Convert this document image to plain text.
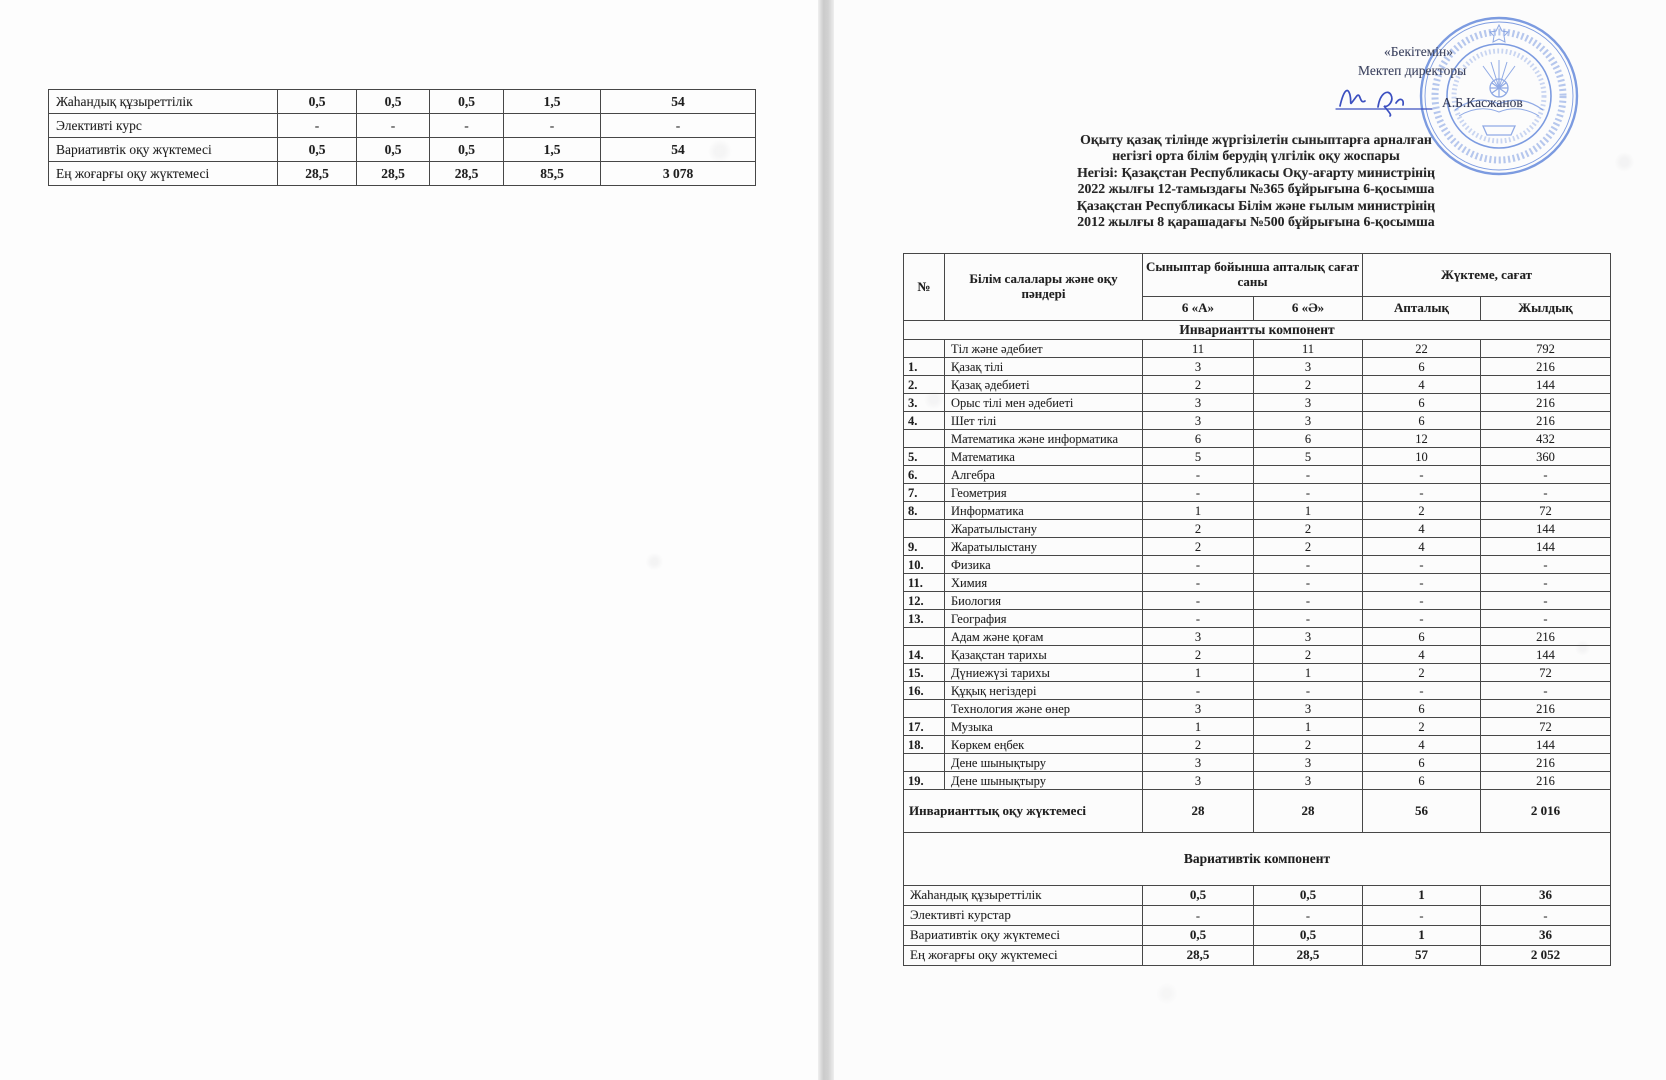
Жаһандық құзыреттілік	0,5	0,5	0,5	1,5	54
Элективті курс	-	-	-	-	-
Вариативтік оқу жүктемесі	0,5	0,5	0,5	1,5	54
Ең жоғарғы оқу жүктемесі	28,5	28,5	28,5	85,5	3 078
«Бекітемін»
Мектеп директоры
А.Б.Касжанов
Оқыту қазақ тілінде жүргізілетін сыныптарға арналған
негізгі орта білім берудің үлгілік оқу жоспары
Негізі: Қазақстан Республикасы Оқу-ағарту министрінің
2022 жылғы 12-тамыздағы №365 бұйрығына 6-қосымша
Қазақстан Республикасы Білім және ғылым министрінің
2012 жылғы 8 қарашадағы №500 бұйрығына 6-қосымша
№	Білім салалары және оқу пәндері	Сыныптар бойынша апталық сағат саны		Жүктеме, сағат	
		6 «А»	6 «Ә»	Апталық	Жылдық
Инвариантты компонент					
	Тіл және әдебиет	11	11	22	792
1.	Қазақ тілі	3	3	6	216
2.	Қазақ әдебиеті	2	2	4	144
3.	Орыс тілі мен әдебиеті	3	3	6	216
4.	Шет тілі	3	3	6	216
	Математика және информатика	6	6	12	432
5.	Математика	5	5	10	360
6.	Алгебра	-	-	-	-
7.	Геометрия	-	-	-	-
8.	Информатика	1	1	2	72
	Жаратылыстану	2	2	4	144
9.	Жаратылыстану	2	2	4	144
10.	Физика	-	-	-	-
11.	Химия	-	-	-	-
12.	Биология	-	-	-	-
13.	География	-	-	-	-
	Адам және қоғам	3	3	6	216
14.	Қазақстан тарихы	2	2	4	144
15.	Дүниежүзі тарихы	1	1	2	72
16.	Құқық негіздері	-	-	-	-
	Технология және өнер	3	3	6	216
17.	Музыка	1	1	2	72
18.	Көркем еңбек	2	2	4	144
	Дене шынықтыру	3	3	6	216
19.	Дене шынықтыру	3	3	6	216
Инварианттық оқу жүктемесі		28	28	56	2 016
Вариативтік компонент					
Жаһандық құзыреттілік		0,5	0,5	1	36
Элективті курстар		-	-	-	-
Вариативтік оқу жүктемесі		0,5	0,5	1	36
Ең жоғарғы оқу жүктемесі		28,5	28,5	57	2 052
